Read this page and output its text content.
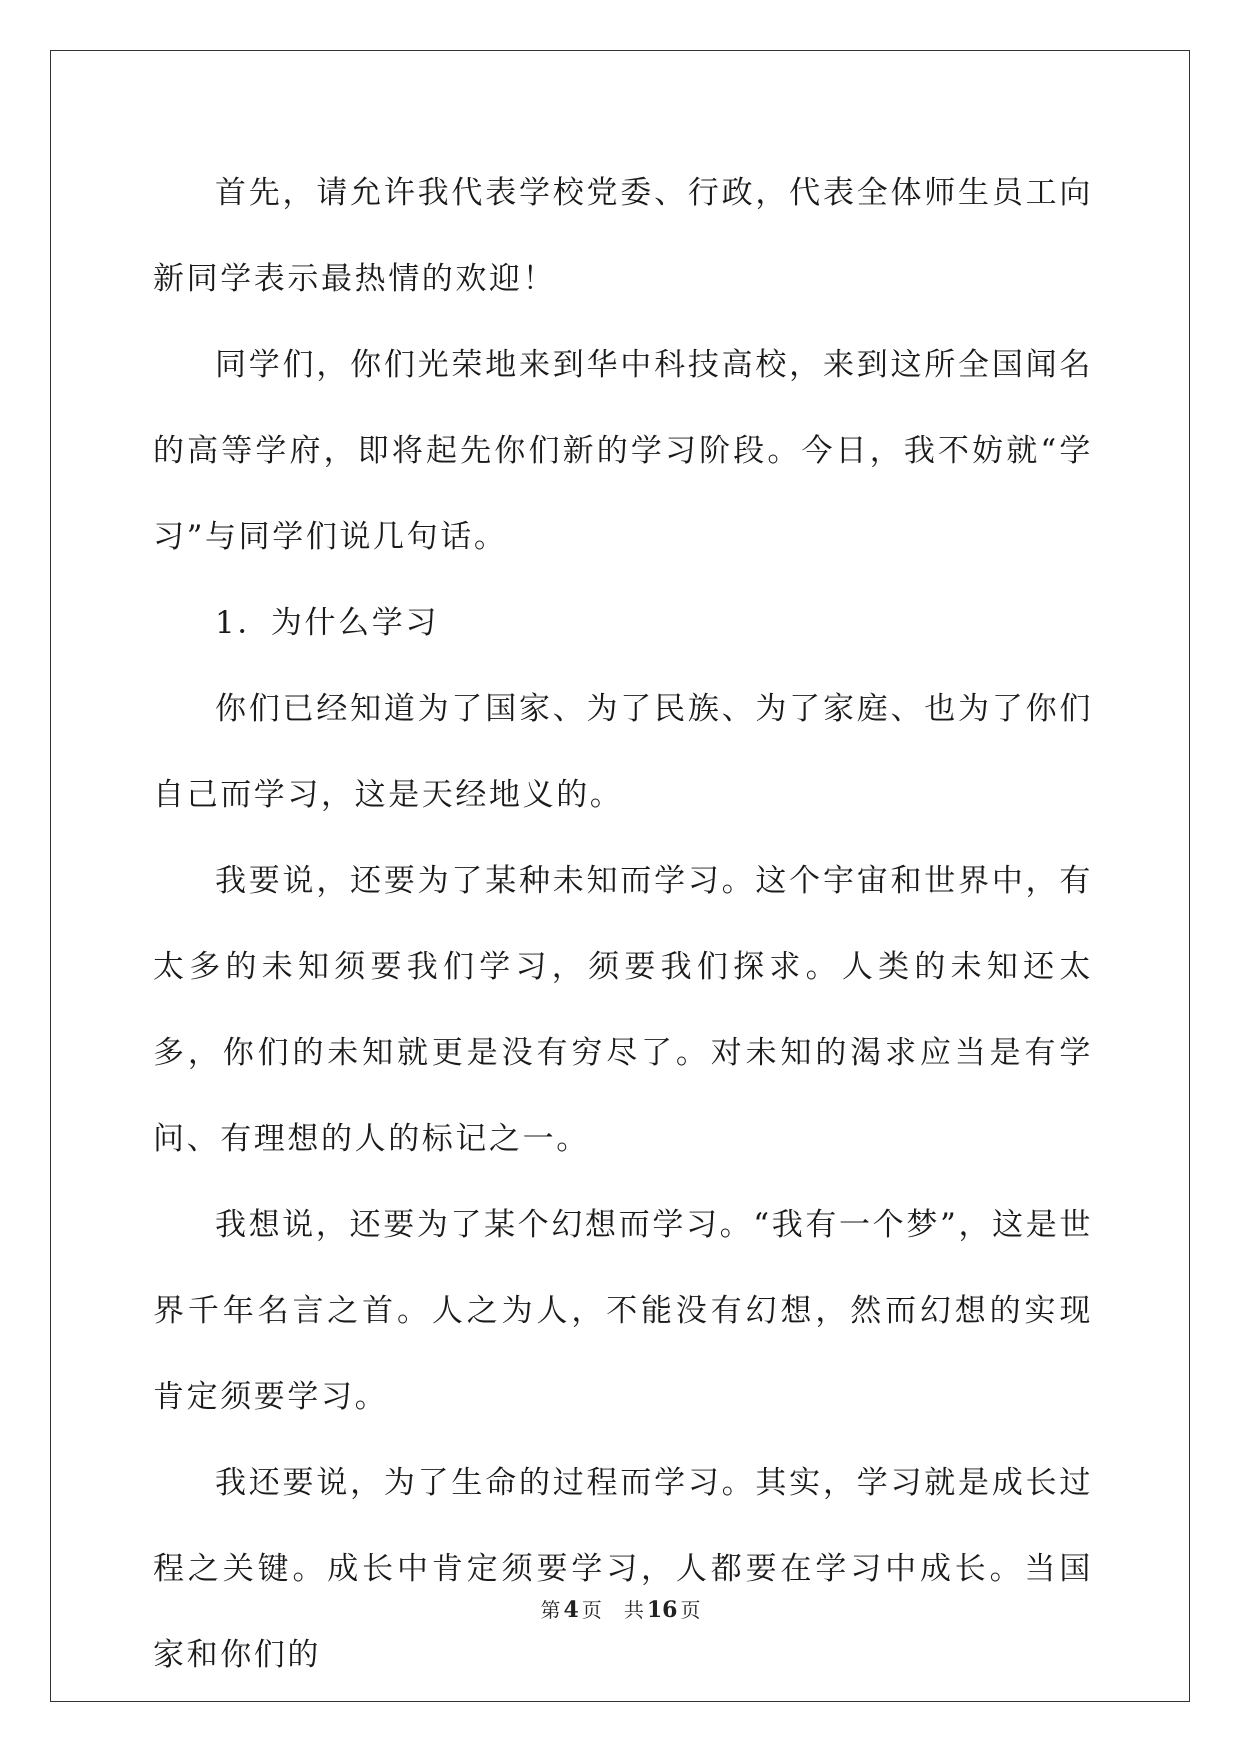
首先，请允许我代表学校党委、行政，代表全体师生员工向新同学表示最热情的欢迎！

同学们，你们光荣地来到华中科技高校，来到这所全国闻名的高等学府，即将起先你们新的学习阶段。今日，我不妨就“学习”与同学们说几句话。

1．为什么学习

你们已经知道为了国家、为了民族、为了家庭、也为了你们自己而学习，这是天经地义的。

我要说，还要为了某种未知而学习。这个宇宙和世界中，有太多的未知须要我们学习，须要我们探求。人类的未知还太多，你们的未知就更是没有穷尽了。对未知的渴求应当是有学问、有理想的人的标记之一。

我想说，还要为了某个幻想而学习。“我有一个梦”，这是世界千年名言之首。人之为人，不能没有幻想，然而幻想的实现肯定须要学习。

我还要说，为了生命的过程而学习。其实，学习就是成长过程之关键。成长中肯定须要学习，人都要在学习中成长。当国家和你们的

第 4 页 共 16 页
